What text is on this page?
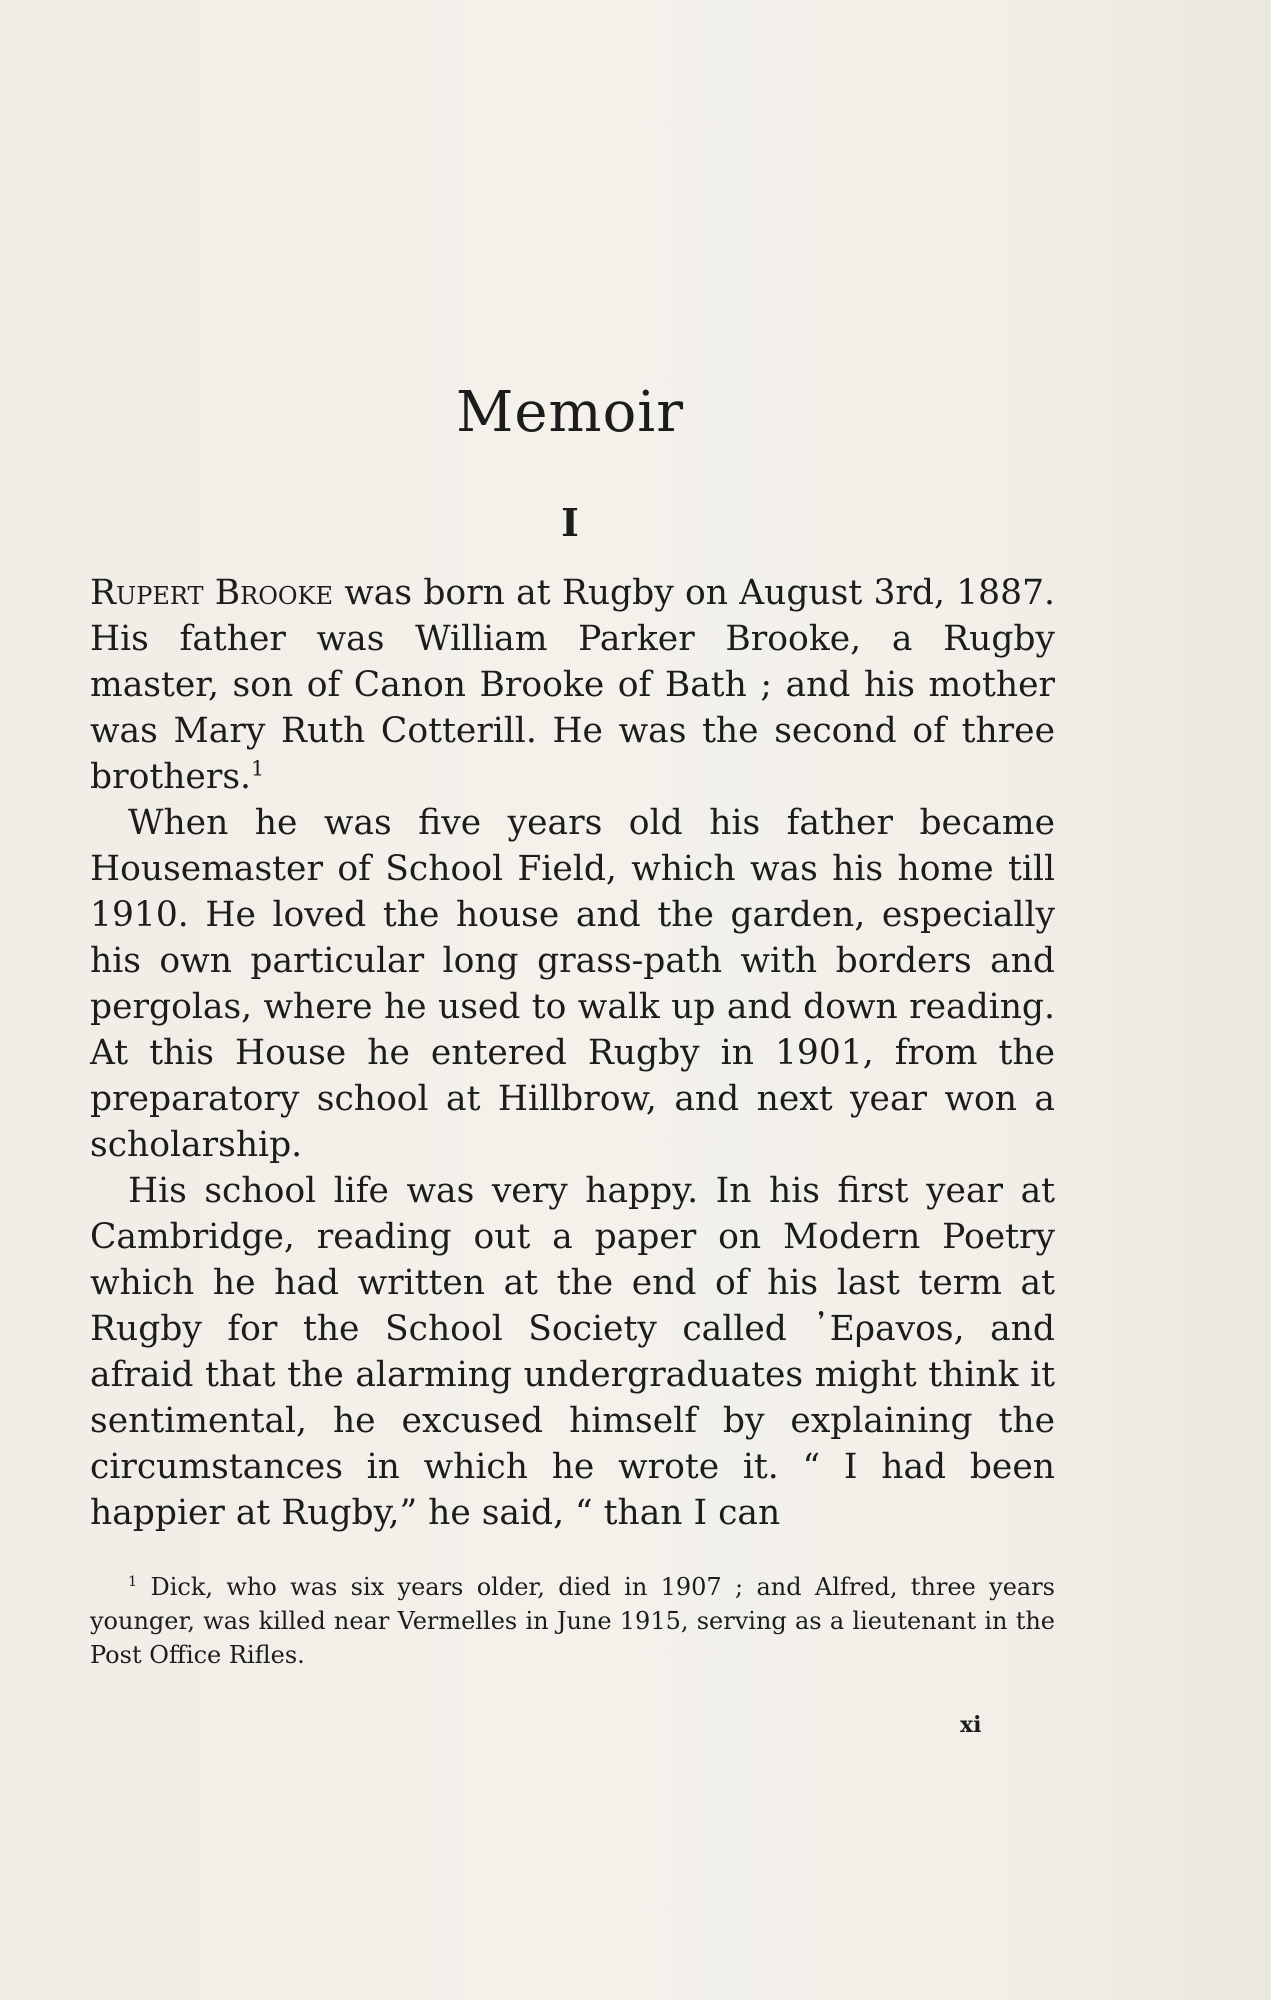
Memoir
I

Rupert Brooke was born at Rugby on August 3rd, 1887. His father was William Parker Brooke, a Rugby master, son of Canon Brooke of Bath ; and his mother was Mary Ruth Cotterill. He was the second of three brothers.$^1$

When he was five years old his father became Housemaster of School Field, which was his home till 1910. He loved the house and the garden, especially his own particular long grass-path with borders and pergolas, where he used to walk up and down reading. At this House he entered Rugby in 1901, from the preparatory school at Hillbrow, and next year won a scholarship.

His school life was very happy. In his first year at Cambridge, reading out a paper on Modern Poetry which he had written at the end of his last term at Rugby for the School Society called ᾿Eρavos, and afraid that the alarming undergraduates might think it sentimental, he excused himself by explaining the circumstances in which he wrote it. “ I had been happier at Rugby,” he said, “ than I can

$^1$ Dick, who was six years older, died in 1907 ; and Alfred, three years younger, was killed near Vermelles in June 1915, serving as a lieutenant in the Post Office Rifles.

xi
